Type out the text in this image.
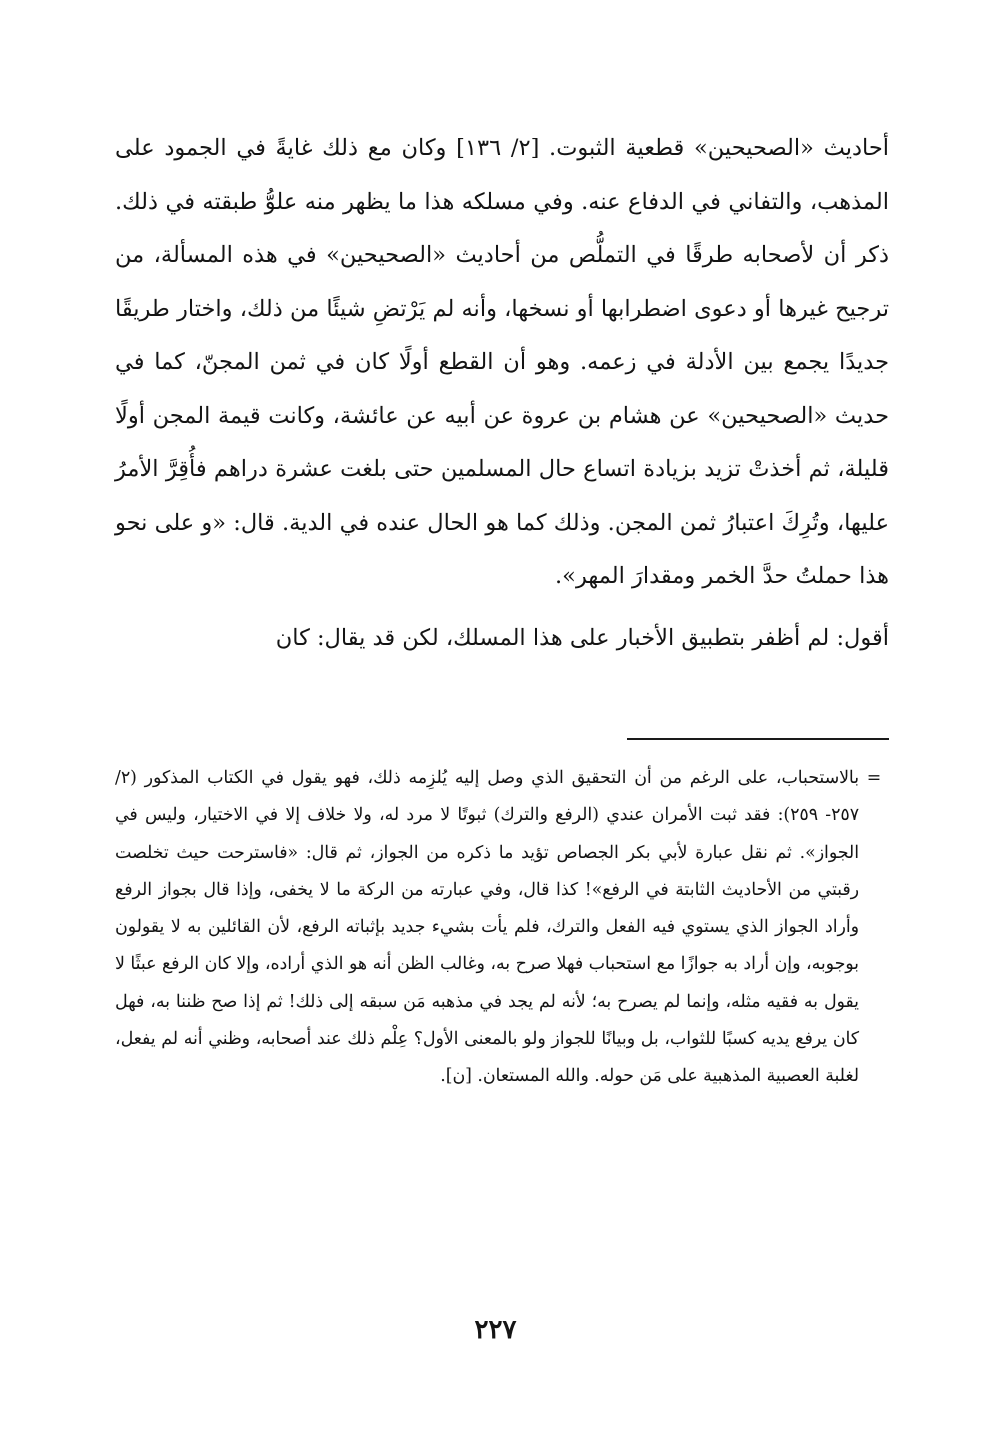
أحاديث «الصحيحين» قطعية الثبوت. [٢/ ١٣٦] وكان مع ذلك غايةً في الجمود على المذهب، والتفاني في الدفاع عنه. وفي مسلكه هذا ما يظهر منه علوُّ طبقته في ذلك. ذكر أن لأصحابه طرقًا في التملُّص من أحاديث «الصحيحين» في هذه المسألة، من ترجيح غيرها أو دعوى اضطرابها أو نسخها، وأنه لم يَرْتضِ شيئًا من ذلك، واختار طريقًا جديدًا يجمع بين الأدلة في زعمه. وهو أن القطع أولًا كان في ثمن المجنّ، كما في حديث «الصحيحين» عن هشام بن عروة عن أبيه عن عائشة، وكانت قيمة المجن أولًا قليلة، ثم أخذتْ تزيد بزيادة اتساع حال المسلمين حتى بلغت عشرة دراهم فأُقِرَّ الأمرُ عليها، وتُرِكَ اعتبارُ ثمن المجن. وذلك كما هو الحال عنده في الدية. قال: «و على نحو هذا حملتُ حدَّ الخمر ومقدارَ المهر».

أقول: لم أظفر بتطبيق الأخبار على هذا المسلك، لكن قد يقال: كان

=
بالاستحباب، على الرغم من أن التحقيق الذي وصل إليه يُلزِمه ذلك، فهو يقول في الكتاب المذكور (٢/ ٢٥٧- ٢٥٩): فقد ثبت الأمران عندي (الرفع والترك) ثبوتًا لا مرد له، ولا خلاف إلا في الاختيار، وليس في الجواز». ثم نقل عبارة لأبي بكر الجصاص تؤيد ما ذكره من الجواز، ثم قال: «فاسترحت حيث تخلصت رقبتي من الأحاديث الثابتة في الرفع»! كذا قال، وفي عبارته من الركة ما لا يخفى، وإذا قال بجواز الرفع وأراد الجواز الذي يستوي فيه الفعل والترك، فلم يأت بشيء جديد بإثباته الرفع، لأن القائلين به لا يقولون بوجوبه، وإن أراد به جوازًا مع استحباب فهلا صرح به، وغالب الظن أنه هو الذي أراده، وإلا كان الرفع عبثًا لا يقول به فقيه مثله، وإنما لم يصرح به؛ لأنه لم يجد في مذهبه مَن سبقه إلى ذلك! ثم إذا صح ظننا به، فهل كان يرفع يديه كسبًا للثواب، بل وبيانًا للجواز ولو بالمعنى الأول؟ عِلْم ذلك عند أصحابه، وظني أنه لم يفعل، لغلبة العصبية المذهبية على مَن حوله. والله المستعان. [ن].
٢٢٧
